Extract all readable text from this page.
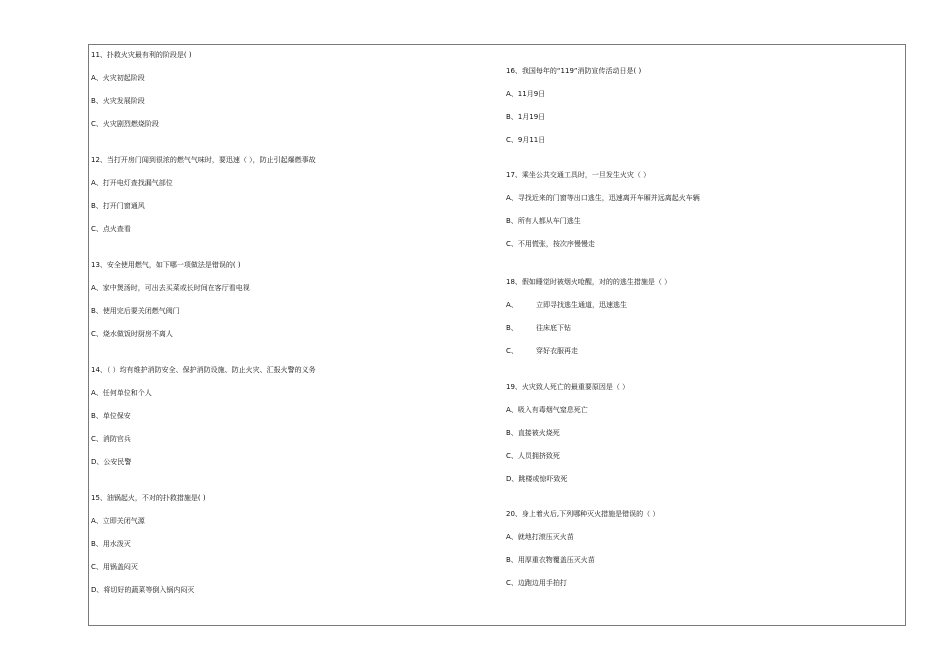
11、扑救火灾最有利的阶段是( )
A、火灾初起阶段
B、火灾发展阶段
C、火灾剧烈燃烧阶段
12、当打开房门闻到很浓的燃气气味时，要迅速（ ），防止引起爆燃事故
A、打开电灯查找漏气部位
B、打开门窗通风
C、点火查看
13、安全使用燃气，如下哪一项做法是错误的( )
A、家中煲汤时，可出去买菜或长时间在客厅看电视
B、使用完后要关闭燃气阀门
C、烧水做饭时厨房不离人
14、（ ）均有维护消防安全、保护消防设施、防止火灾、汇报火警的义务
A、任何单位和个人
B、单位保安
C、消防官兵
D、公安民警
15、油锅起火，不对的扑救措施是( )
A、立即关闭气源
B、用水泼灭
C、用锅盖闷灭
D、将切好的蔬菜等倒入锅内闷灭
16、我国每年的“119”消防宣传活动日是( )
A、11月9日
B、1月19日
C、9月11日
17、乘坐公共交通工具时，一旦发生火灾（ ）
A、寻找近来的门窗等出口逃生，迅速离开车厢并远离起火车辆
B、所有人都从车门逃生
C、不用慌张，按次序慢慢走
18、假如睡觉时被烟火呛醒，对的的逃生措施是（ ）
A、	立即寻找逃生通道，迅速逃生
B、	往床底下钻
C、	穿好衣服再走
19、火灾致人死亡的最重要原因是（ ）
A、吸入有毒烟气窒息死亡
B、直接被火烧死
C、人员拥挤致死
D、跳楼或惊吓致死
20、身上着火后,下列哪种灭火措施是错误的（ ）
A、就地打滚压灭火苗
B、用厚重衣物覆盖压灭火苗
C、边跑边用手拍打
